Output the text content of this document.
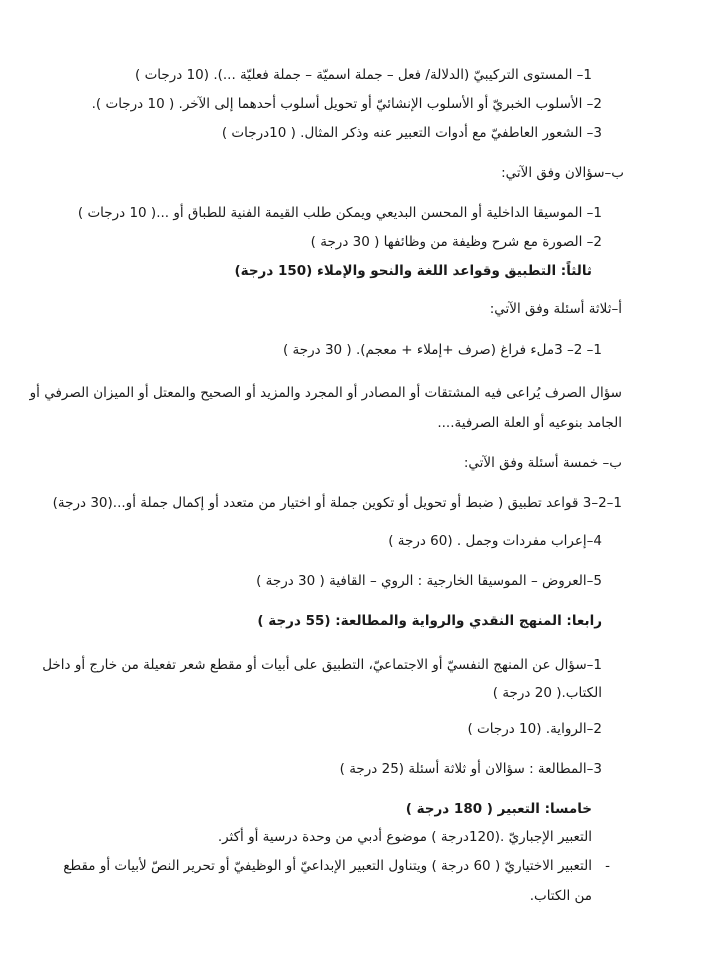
1– المستوى التركيبيّ (الدلالة/ فعل – جملة اسميّة – جملة فعليّة ...). (10 درجات )
2– الأسلوب الخبريّ أو الأسلوب الإنشائيّ أو تحويل أسلوب أحدهما إلى الآخر. ( 10 درجات ).
3– الشعور العاطفيّ مع أدوات التعبير عنه وذكر المثال. ( 10درجات )
ب–سؤالان وفق الآتي:
1– الموسيقا الداخلية أو المحسن البديعي ويمكن طلب القيمة الفنية للطباق أو ...( 10 درجات )
2– الصورة مع شرح وظيفة من وظائفها ( 30 درجة )
ثالثاً: التطبيق وقواعد اللغة والنحو والإملاء (150 درجة)
أ–ثلاثة أسئلة وفق الآتي:
1– 2– 3ملء فراغ (صرف +إملاء + معجم). ( 30 درجة )
سؤال الصرف يُراعى فيه المشتقات أو المصادر أو المجرد والمزيد أو الصحيح والمعتل أو الميزان الصرفي أو
الجامد بنوعيه أو العلة الصرفية....
ب– خمسة أسئلة وفق الآتي:
1–2–3 قواعد تطبيق ( ضبط أو تحويل أو تكوين جملة أو اختيار من متعدد أو إكمال جملة أو...(30 درجة)
4–إعراب مفردات وجمل . (60 درجة )
5–العروض – الموسيقا الخارجية : الروي – القافية ( 30 درجة )
رابعا: المنهج النقدي والرواية والمطالعة: (55 درجة )
1–سؤال عن المنهج النفسيّ أو الاجتماعيّ، التطبيق على أبيات أو مقطع شعر تفعيلة من خارج أو داخل
الكتاب.( 20 درجة )
2–الرواية. (10 درجات )
3–المطالعة : سؤالان أو ثلاثة أسئلة (25 درجة )
خامسا: التعبير ( 180 درجة )
التعبير الإجباريّ .(120درجة ) موضوع أدبي من وحدة درسية أو أكثر.
-
التعبير الاختياريّ ( 60 درجة ) ويتناول التعبير الإبداعيّ أو الوظيفيّ أو تحرير النصّ لأبيات أو مقطع
من الكتاب.
